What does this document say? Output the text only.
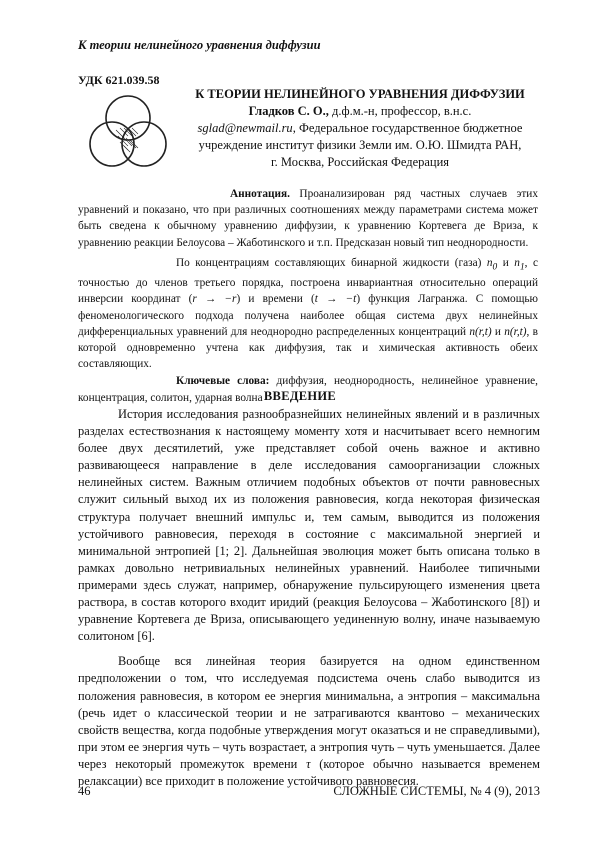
К теории нелинейного уравнения диффузии
УДК 621.039.58
К ТЕОРИИ НЕЛИНЕЙНОГО УРАВНЕНИЯ ДИФФУЗИИ
Гладков С. О., д.ф.м.-н, профессор, в.н.с.
sglad@newmail.ru, Федеральное государственное бюджетное
учреждение институт физики Земли им. О.Ю. Шмидта РАН,
г. Москва, Российская Федерация

Аннотация. Проанализирован ряд частных случаев этих уравнений и показано, что при различных соотношениях между параметрами система может быть сведена к обычному уравнению диффузии, к уравнению Кортевега де Вриза, к уравнению реакции Белоусова – Жаботинского и т.п. Предсказан новый тип неоднородности.

По концентрациям составляющих бинарной жидкости (газа) $n_0$ и $n_1$, с точностью до членов третьего порядка, построена инвариантная относительно операций инверсии координат (r → −r) и времени (t → −t) функция Лагранжа. С помощью феноменологического подхода получена наиболее общая система двух нелинейных дифференциальных уравнений для неоднородно распределенных концентраций n(r,t) и n(r,t), в которой одновременно учтена как диффузия, так и химическая активность обеих составляющих.

Ключевые слова: диффузия, неоднородность, нелинейное уравнение, концентрация, солитон, ударная волна ВВЕДЕНИЕ

История исследования разнообразнейших нелинейных явлений и в различных разделах естествознания к настоящему моменту хотя и насчитывает всего немногим более двух десятилетий, уже представляет собой очень важное и активно развивающееся направление в деле исследования самоорганизации сложных нелинейных систем. Важным отличием подобных объектов от почти равновесных служит сильный выход их из положения равновесия, когда некоторая физическая структура получает внешний импульс и, тем самым, выводится из положения устойчивого равновесия, переходя в состояние с максимальной энергией и минимальной энтропией [1; 2]. Дальнейшая эволюция может быть описана только в рамках довольно нетривиальных нелинейных уравнений. Наиболее типичными примерами здесь служат, например, обнаружение пульсирующего изменения цвета раствора, в состав которого входит иридий (реакция Белоусова – Жаботинского [8]) и уравнение Кортевега де Вриза, описывающего уединенную волну, иначе называемую солитоном [6].

Вообще вся линейная теория базируется на одном единственном предположении о том, что исследуемая подсистема очень слабо выводится из положения равновесия, в котором ее энергия минимальна, а энтропия – максимальна (речь идет о классической теории и не затрагиваются квантово – механических свойств вещества, когда подобные утверждения могут оказаться и не справедливыми), при этом ее энергия чуть – чуть возрастает, а энтропия чуть – чуть уменьшается. Далее через некоторый промежуток времени τ (которое обычно называется временем релаксации) все приходит в положение устойчивого равновесия.

46	СЛОЖНЫЕ СИСТЕМЫ, № 4 (9), 2013
